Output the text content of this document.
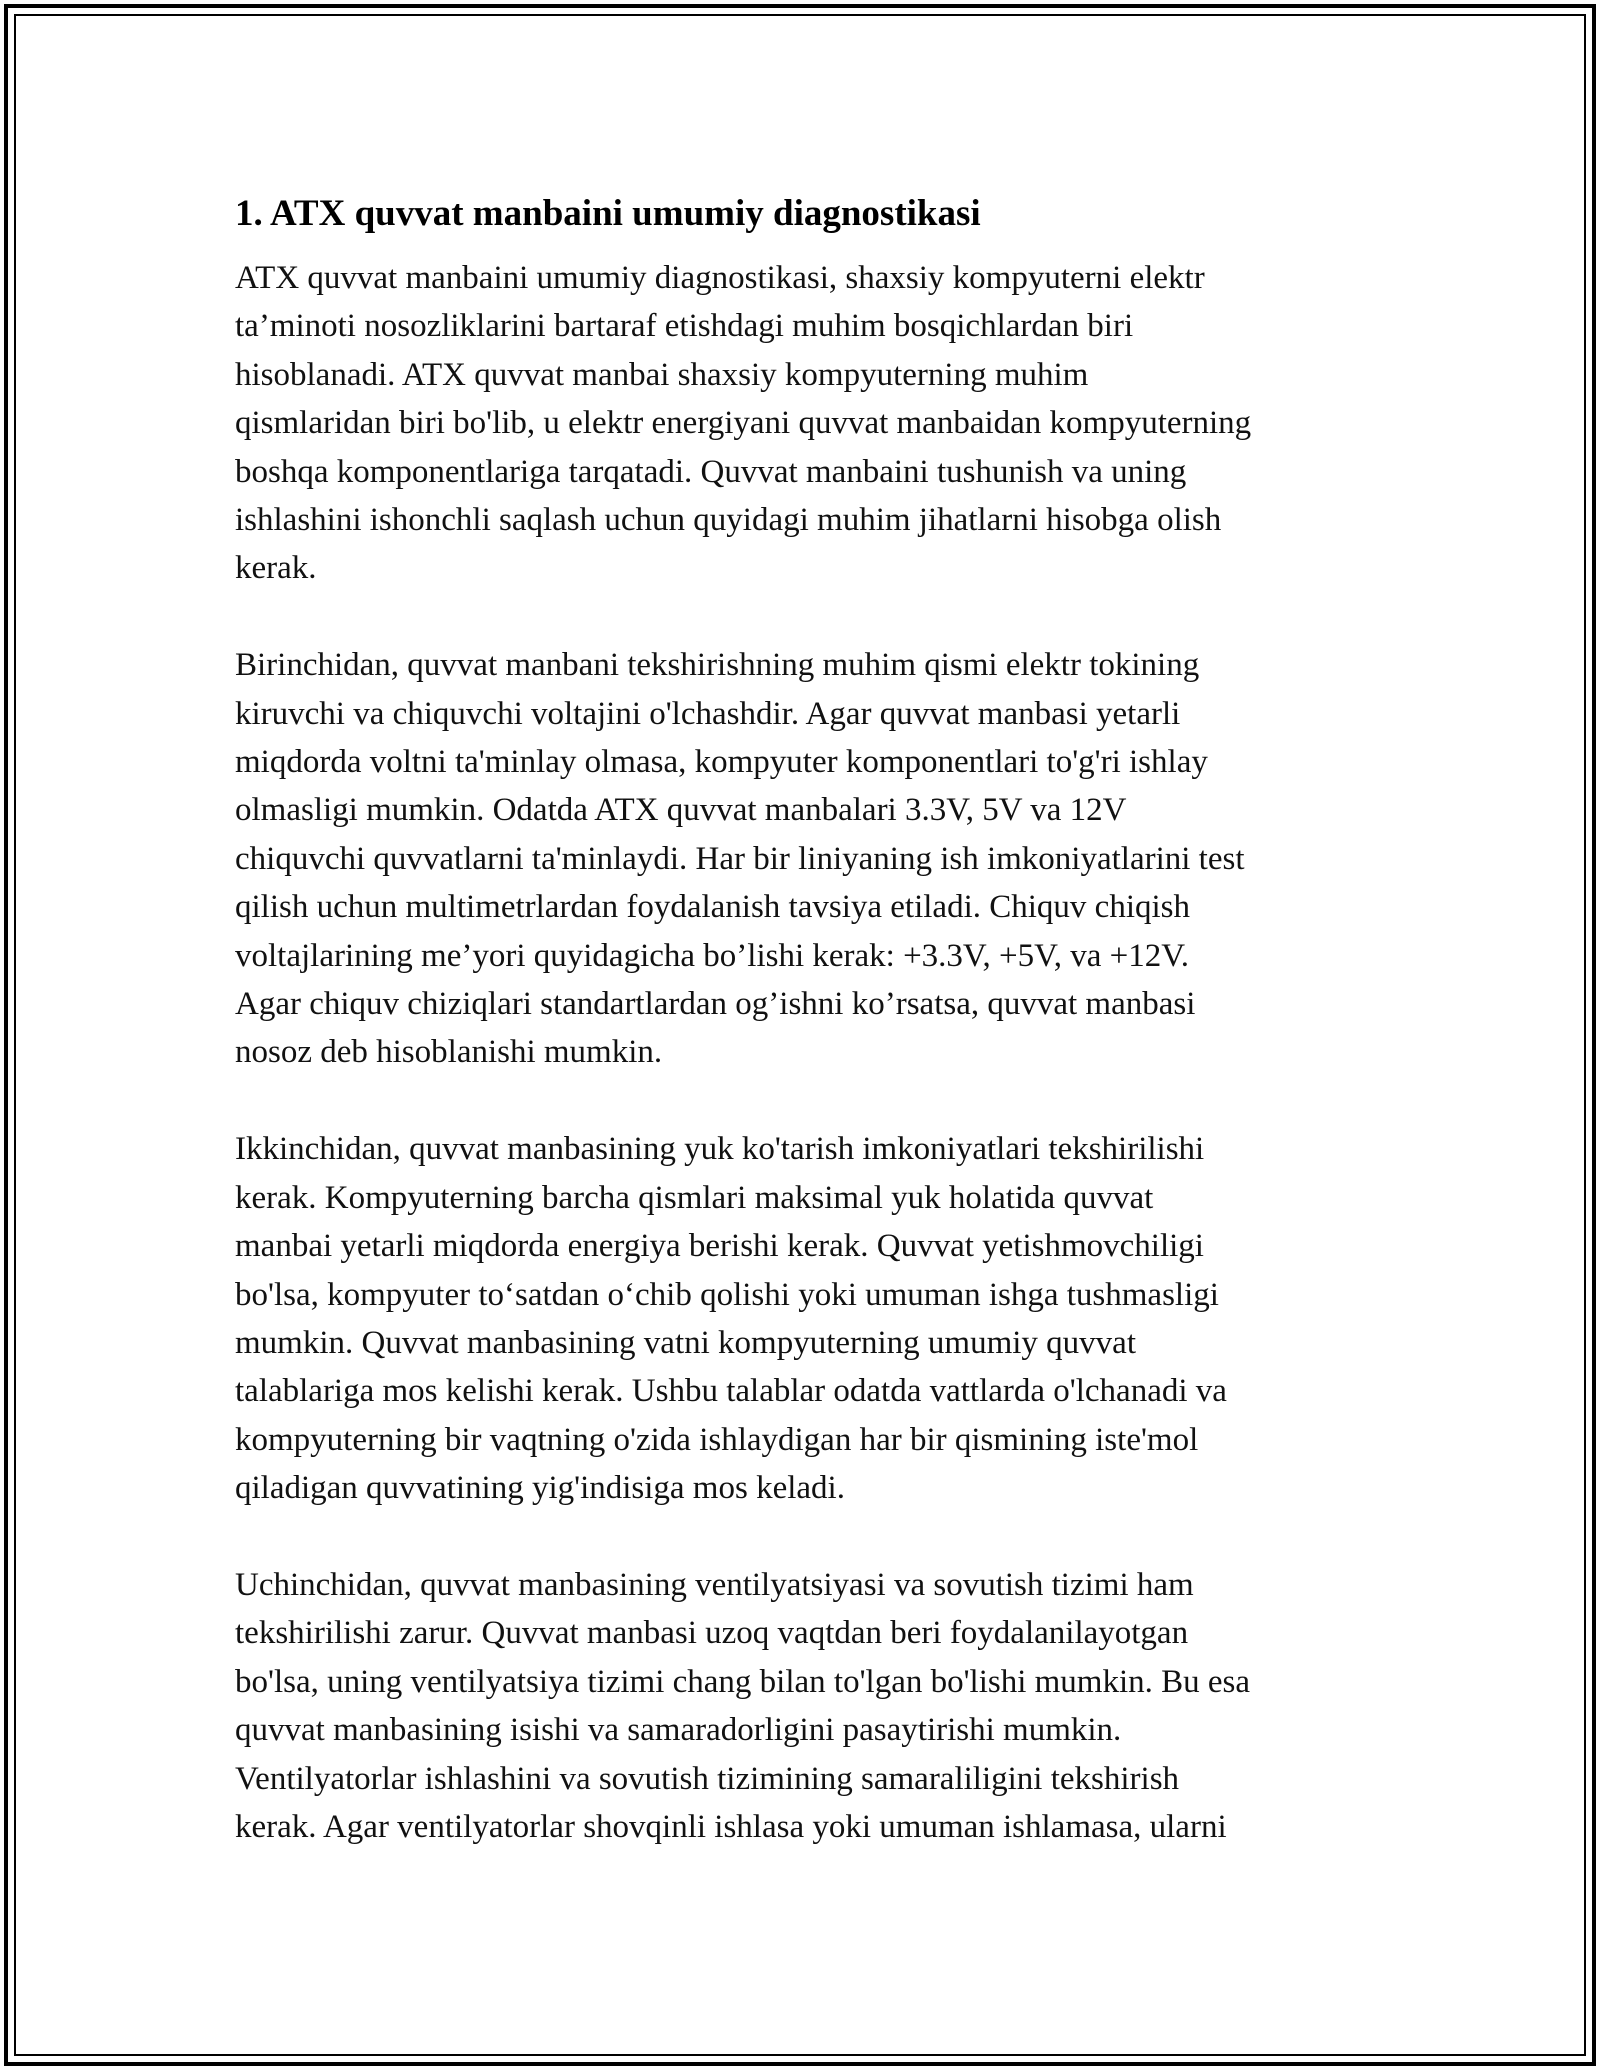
1. ATX quvvat manbaini umumiy diagnostikasi

ATX quvvat manbaini umumiy diagnostikasi, shaxsiy kompyuterni elektr
ta’minoti nosozliklarini bartaraf etishdagi muhim bosqichlardan biri
hisoblanadi. ATX quvvat manbai shaxsiy kompyuterning muhim
qismlaridan biri bo'lib, u elektr energiyani quvvat manbaidan kompyuterning
boshqa komponentlariga tarqatadi. Quvvat manbaini tushunish va uning
ishlashini ishonchli saqlash uchun quyidagi muhim jihatlarni hisobga olish
kerak.

Birinchidan, quvvat manbani tekshirishning muhim qismi elektr tokining
kiruvchi va chiquvchi voltajini o'lchashdir. Agar quvvat manbasi yetarli
miqdorda voltni ta'minlay olmasa, kompyuter komponentlari to'g'ri ishlay
olmasligi mumkin. Odatda ATX quvvat manbalari 3.3V, 5V va 12V
chiquvchi quvvatlarni ta'minlaydi. Har bir liniyaning ish imkoniyatlarini test
qilish uchun multimetrlardan foydalanish tavsiya etiladi. Chiquv chiqish
voltajlarining me’yori quyidagicha bo’lishi kerak: +3.3V, +5V, va +12V.
Agar chiquv chiziqlari standartlardan og’ishni ko’rsatsa, quvvat manbasi
nosoz deb hisoblanishi mumkin.

Ikkinchidan, quvvat manbasining yuk ko'tarish imkoniyatlari tekshirilishi
kerak. Kompyuterning barcha qismlari maksimal yuk holatida quvvat
manbai yetarli miqdorda energiya berishi kerak. Quvvat yetishmovchiligi
bo'lsa, kompyuter to‘satdan o‘chib qolishi yoki umuman ishga tushmasligi
mumkin. Quvvat manbasining vatni kompyuterning umumiy quvvat
talablariga mos kelishi kerak. Ushbu talablar odatda vattlarda o'lchanadi va
kompyuterning bir vaqtning o'zida ishlaydigan har bir qismining iste'mol
qiladigan quvvatining yig'indisiga mos keladi.

Uchinchidan, quvvat manbasining ventilyatsiyasi va sovutish tizimi ham
tekshirilishi zarur. Quvvat manbasi uzoq vaqtdan beri foydalanilayotgan
bo'lsa, uning ventilyatsiya tizimi chang bilan to'lgan bo'lishi mumkin. Bu esa
quvvat manbasining isishi va samaradorligini pasaytirishi mumkin.
Ventilyatorlar ishlashini va sovutish tizimining samaraliligini tekshirish
kerak. Agar ventilyatorlar shovqinli ishlasa yoki umuman ishlamasa, ularni
